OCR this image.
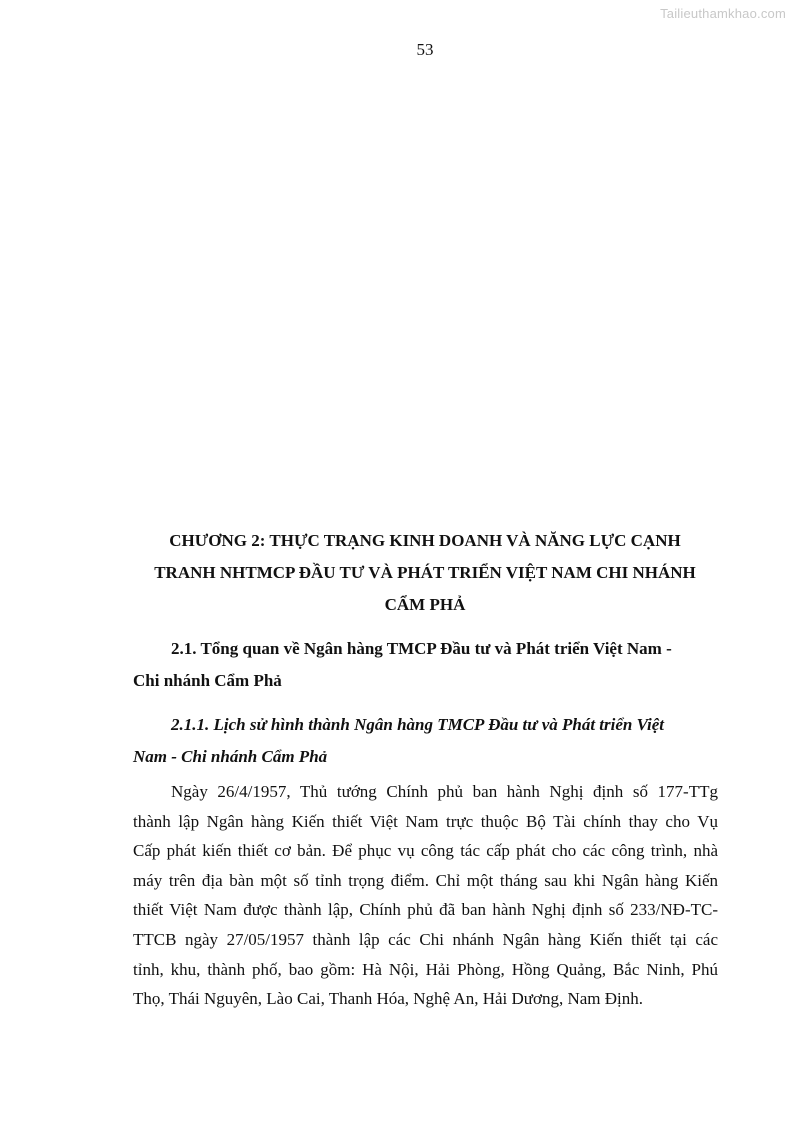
Tailieuthamkhao.com
53
CHƯƠNG 2: THỰC TRẠNG KINH DOANH VÀ NĂNG LỰC CẠNH
TRANH NHTMCP ĐẦU TƯ VÀ PHÁT TRIỂN VIỆT NAM CHI NHÁNH
CẨM PHẢ
2.1. Tổng quan về Ngân hàng TMCP Đầu tư và Phát triển Việt Nam -
Chi nhánh Cẩm Phả
2.1.1. Lịch sử hình thành Ngân hàng TMCP Đầu tư và Phát triển Việt
Nam - Chi nhánh Cẩm Phả
Ngày 26/4/1957, Thủ tướng Chính phủ ban hành Nghị định số 177-TTg
thành lập Ngân hàng Kiến thiết Việt Nam trực thuộc Bộ Tài chính thay cho Vụ
Cấp phát kiến thiết cơ bản. Để phục vụ công tác cấp phát cho các công trình, nhà
máy trên địa bàn một số tỉnh trọng điểm. Chỉ một tháng sau khi Ngân hàng Kiến
thiết Việt Nam được thành lập, Chính phủ đã ban hành Nghị định số 233/NĐ-TC-
TTCB ngày 27/05/1957 thành lập các Chi nhánh Ngân hàng Kiến thiết tại các
tỉnh, khu, thành phố, bao gồm: Hà Nội, Hải Phòng, Hồng Quảng, Bắc Ninh, Phú
Thọ, Thái Nguyên, Lào Cai, Thanh Hóa, Nghệ An, Hải Dương, Nam Định.
